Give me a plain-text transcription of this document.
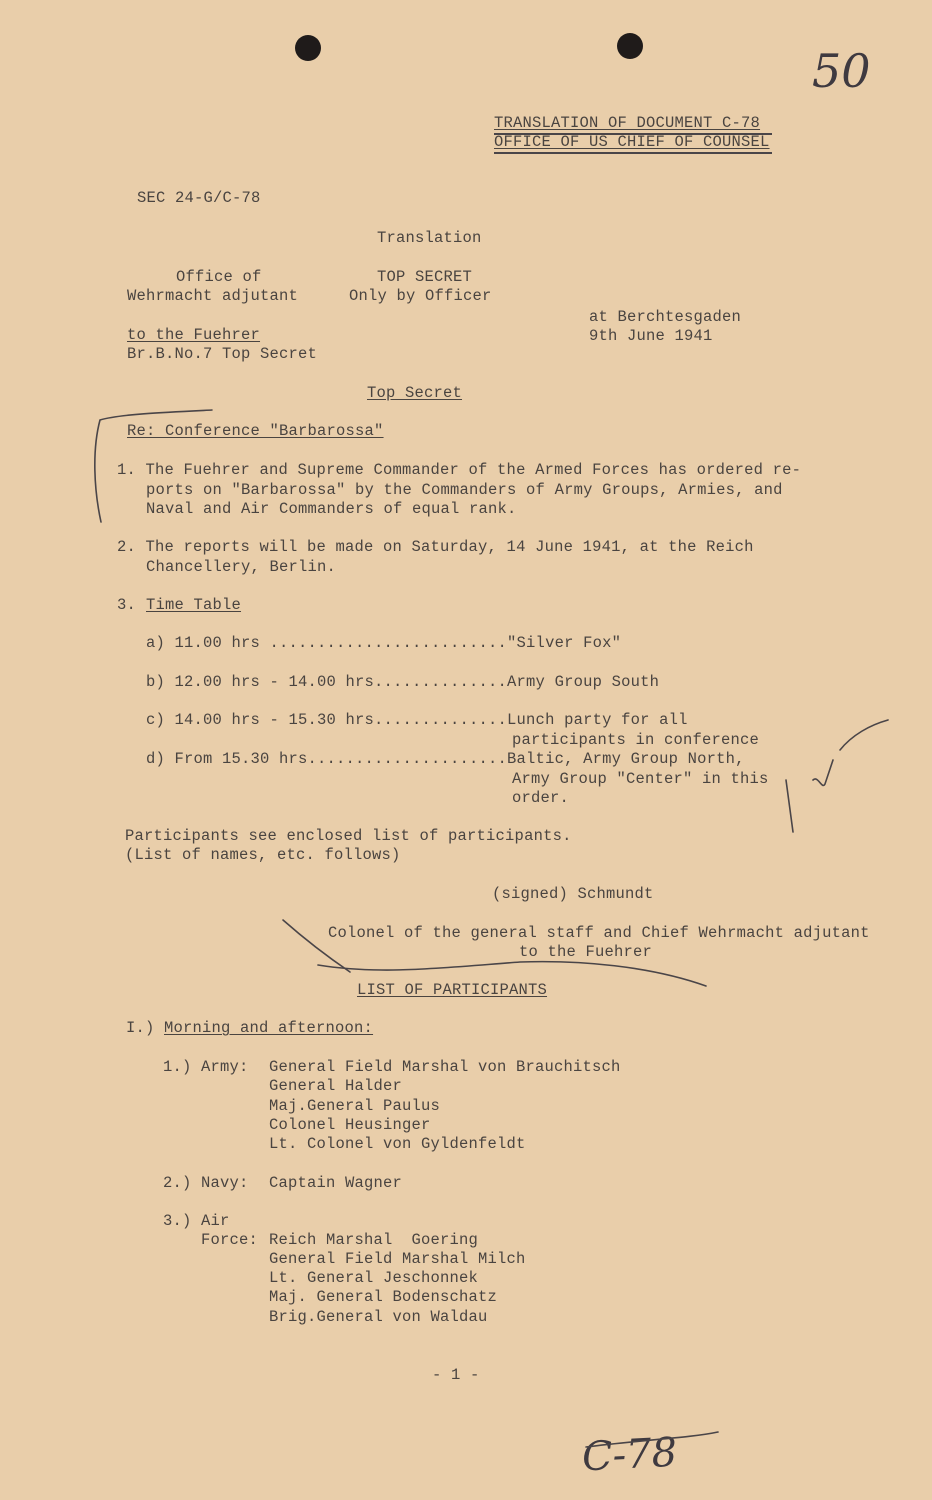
50
TRANSLATION OF DOCUMENT C-78
OFFICE OF US CHIEF OF COUNSEL
SEC 24-G/C-78
Translation
Office of
Wehrmacht adjutant
to the Fuehrer
Br.B.No.7 Top Secret
TOP SECRET
Only by Officer
at Berchtesgaden
9th June 1941
Top Secret
Re: Conference "Barbarossa"
1. The Fuehrer and Supreme Commander of the Armed Forces has ordered re-
ports on "Barbarossa" by the Commanders of Army Groups, Armies, and
Naval and Air Commanders of equal rank.
2. The reports will be made on Saturday, 14 June 1941, at the Reich
Chancellery, Berlin.
3. Time Table
a) 11.00 hrs ........................."Silver Fox"
b) 12.00 hrs - 14.00 hrs..............Army Group South
c) 14.00 hrs - 15.30 hrs..............Lunch party for all
participants in conference
d) From 15.30 hrs.....................Baltic, Army Group North,
Army Group "Center" in this
order.
Participants see enclosed list of participants.
(List of names, etc. follows)
(signed) Schmundt
Colonel of the general staff and Chief Wehrmacht adjutant
to the Fuehrer
LIST OF PARTICIPANTS
I.) Morning and afternoon:
1.) Army: General Field Marshal von Brauchitsch
General Halder
Maj.General Paulus
Colonel Heusinger
Lt. Colonel von Gyldenfeldt
2.) Navy: Captain Wagner
3.) Air
Force: Reich Marshal  Goering
General Field Marshal Milch
Lt. General Jeschonnek
Maj. General Bodenschatz
Brig.General von Waldau
- 1 -
C-78
